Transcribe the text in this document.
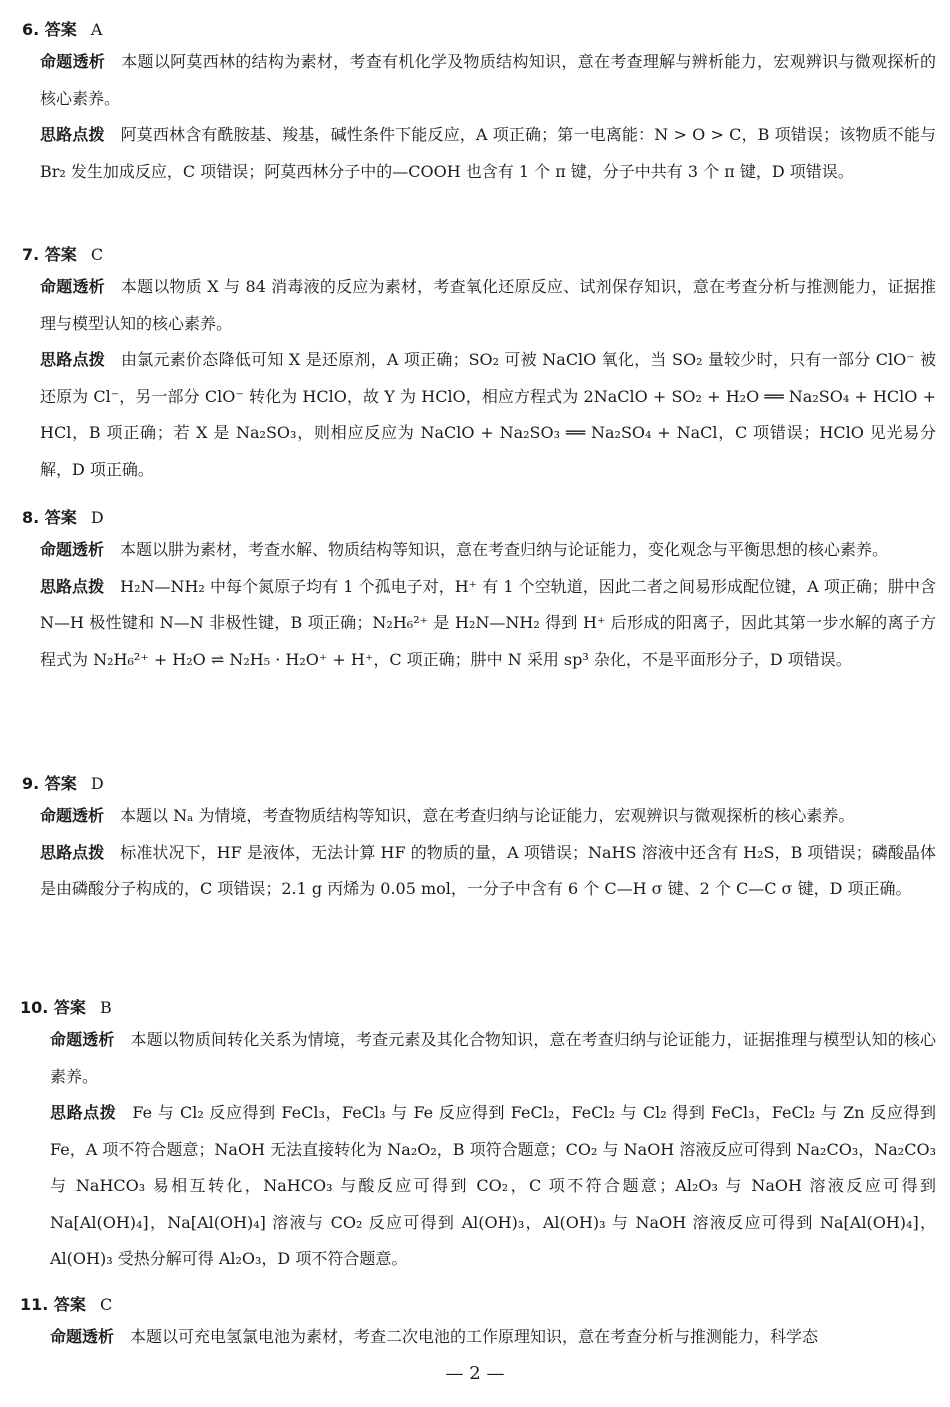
6. 答案 A

命题透析 本题以阿莫西林的结构为素材，考查有机化学及物质结构知识，意在考查理解与辨析能力，宏观辨识与微观探析的核心素养。

思路点拨 阿莫西林含有酰胺基、羧基，碱性条件下能反应，A 项正确；第一电离能：N > O > C，B 项错误；该物质不能与 Br₂ 发生加成反应，C 项错误；阿莫西林分子中的—COOH 也含有 1 个 π 键，分子中共有 3 个 π 键，D 项错误。

7. 答案 C

命题透析 本题以物质 X 与 84 消毒液的反应为素材，考查氧化还原反应、试剂保存知识，意在考查分析与推测能力，证据推理与模型认知的核心素养。

思路点拨 由氯元素价态降低可知 X 是还原剂，A 项正确；SO₂ 可被 NaClO 氧化，当 SO₂ 量较少时，只有一部分 ClO⁻ 被还原为 Cl⁻，另一部分 ClO⁻ 转化为 HClO，故 Y 为 HClO，相应方程式为 2NaClO + SO₂ + H₂O ══ Na₂SO₄ + HClO + HCl，B 项正确；若 X 是 Na₂SO₃，则相应反应为 NaClO + Na₂SO₃ ══ Na₂SO₄ + NaCl，C 项错误；HClO 见光易分解，D 项正确。

8. 答案 D

命题透析 本题以肼为素材，考查水解、物质结构等知识，意在考查归纳与论证能力，变化观念与平衡思想的核心素养。

思路点拨 H₂N—NH₂ 中每个氮原子均有 1 个孤电子对，H⁺ 有 1 个空轨道，因此二者之间易形成配位键，A 项正确；肼中含 N—H 极性键和 N—N 非极性键，B 项正确；N₂H₆²⁺ 是 H₂N—NH₂ 得到 H⁺ 后形成的阳离子，因此其第一步水解的离子方程式为 N₂H₆²⁺ + H₂O ⇌ N₂H₅ · H₂O⁺ + H⁺，C 项正确；肼中 N 采用 sp³ 杂化，不是平面形分子，D 项错误。

9. 答案 D

命题透析 本题以 Nₐ 为情境，考查物质结构等知识，意在考查归纳与论证能力，宏观辨识与微观探析的核心素养。

思路点拨 标准状况下，HF 是液体，无法计算 HF 的物质的量，A 项错误；NaHS 溶液中还含有 H₂S，B 项错误；磷酸晶体是由磷酸分子构成的，C 项错误；2.1 g 丙烯为 0.05 mol，一分子中含有 6 个 C—H σ 键、2 个 C—C σ 键，D 项正确。

10. 答案 B

命题透析 本题以物质间转化关系为情境，考查元素及其化合物知识，意在考查归纳与论证能力，证据推理与模型认知的核心素养。

思路点拨 Fe 与 Cl₂ 反应得到 FeCl₃，FeCl₃ 与 Fe 反应得到 FeCl₂，FeCl₂ 与 Cl₂ 得到 FeCl₃，FeCl₂ 与 Zn 反应得到 Fe，A 项不符合题意；NaOH 无法直接转化为 Na₂O₂，B 项符合题意；CO₂ 与 NaOH 溶液反应可得到 Na₂CO₃，Na₂CO₃ 与 NaHCO₃ 易相互转化，NaHCO₃ 与酸反应可得到 CO₂，C 项不符合题意；Al₂O₃ 与 NaOH 溶液反应可得到 Na[Al(OH)₄]，Na[Al(OH)₄] 溶液与 CO₂ 反应可得到 Al(OH)₃，Al(OH)₃ 与 NaOH 溶液反应可得到 Na[Al(OH)₄]，Al(OH)₃ 受热分解可得 Al₂O₃，D 项不符合题意。

11. 答案 C

命题透析 本题以可充电氢氯电池为素材，考查二次电池的工作原理知识，意在考查分析与推测能力，科学态

— 2 —
